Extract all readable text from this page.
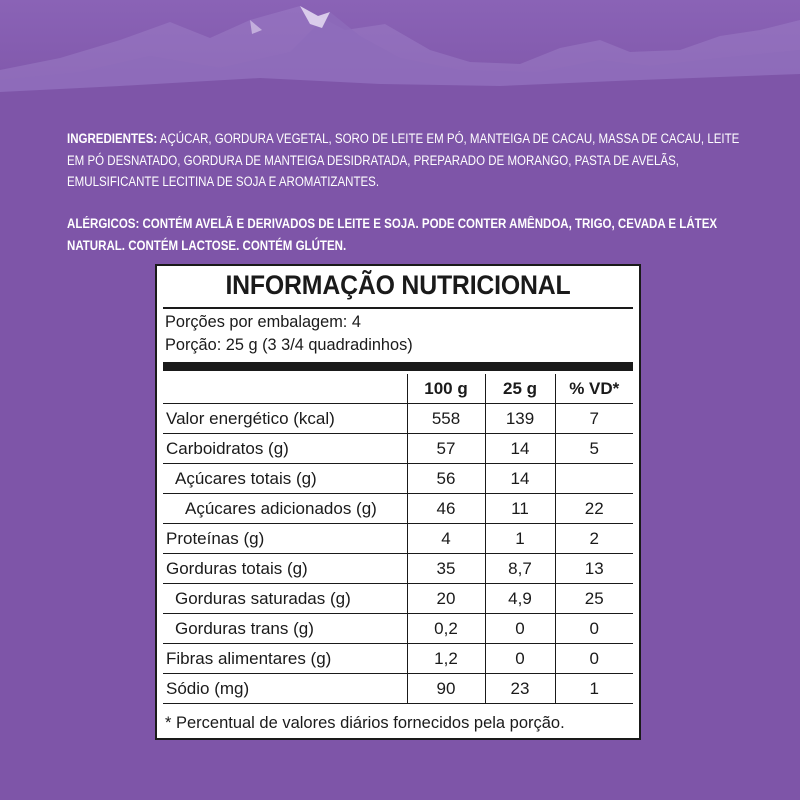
INGREDIENTES: AÇÚCAR, GORDURA VEGETAL, SORO DE LEITE EM PÓ, MANTEIGA DE CACAU, MASSA DE CACAU, LEITE EM PÓ DESNATADO, GORDURA DE MANTEIGA DESIDRATADA, PREPARADO DE MORANGO, PASTA DE AVELÃS, EMULSIFICANTE LECITINA DE SOJA E AROMATIZANTES.
ALÉRGICOS: CONTÉM AVELÃ E DERIVADOS DE LEITE E SOJA. PODE CONTER AMÊNDOA, TRIGO, CEVADA E LÁTEX NATURAL. CONTÉM LACTOSE. CONTÉM GLÚTEN.
INFORMAÇÃO NUTRICIONAL
Porções por embalagem: 4
Porção: 25 g (3 3/4 quadradinhos)
	100 g	25 g	% VD*
Valor energético (kcal)	558	139	7
Carboidratos (g)	57	14	5
Açúcares totais (g)	56	14	
Açúcares adicionados (g)	46	11	22
Proteínas (g)	4	1	2
Gorduras totais (g)	35	8,7	13
Gorduras saturadas (g)	20	4,9	25
Gorduras trans (g)	0,2	0	0
Fibras alimentares (g)	1,2	0	0
Sódio (mg)	90	23	1
* Percentual de valores diários fornecidos pela porção.
